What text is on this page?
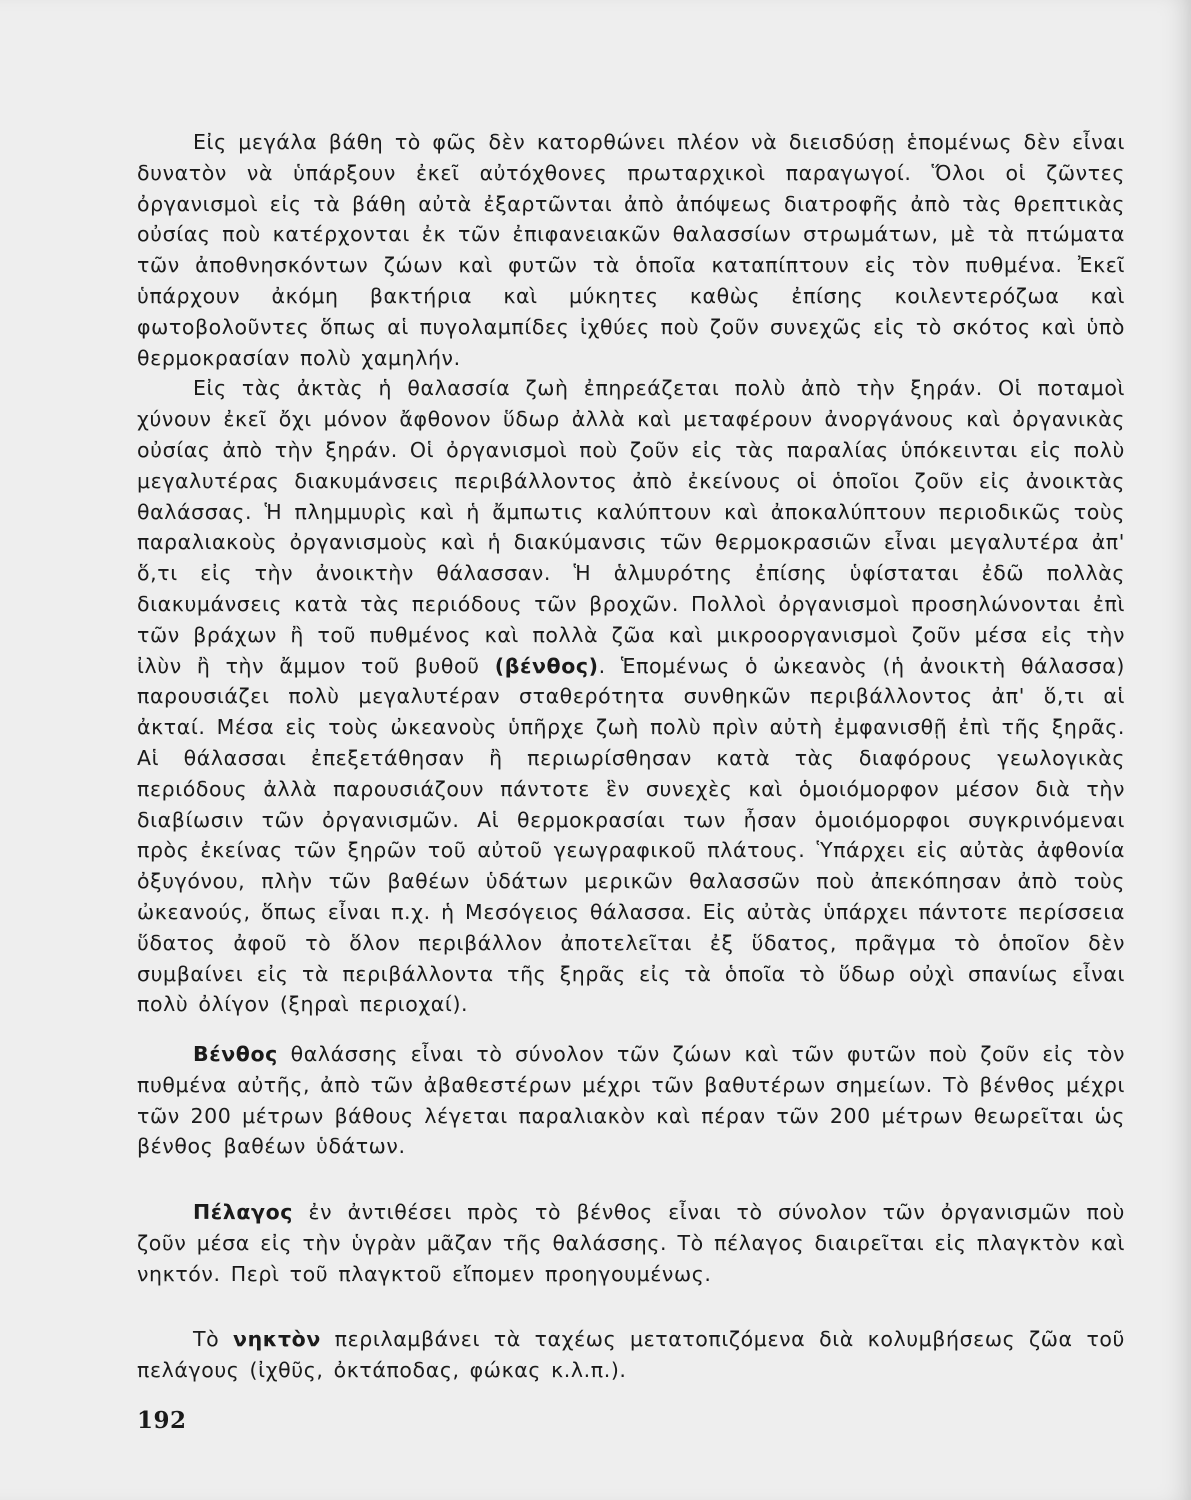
Εἰς μεγάλα βάθη τὸ φῶς δὲν κατορθώνει πλέον νὰ διεισδύσῃ ἑπομένως δὲν εἶναι δυνατὸν νὰ ὑπάρξουν ἐκεῖ αὐτόχθονες πρωταρχικοὶ παραγωγοί. Ὅλοι οἱ ζῶντες ὀργανισμοὶ εἰς τὰ βάθη αὐτὰ ἐξαρτῶνται ἀπὸ ἀπόψεως διατροφῆς ἀπὸ τὰς θρεπτικὰς οὐσίας ποὺ κατέρχονται ἐκ τῶν ἐπιφανειακῶν θαλασσίων στρωμάτων, μὲ τὰ πτώματα τῶν ἀποθνησκόντων ζώων καὶ φυτῶν τὰ ὁποῖα καταπίπτουν εἰς τὸν πυθμένα. Ἐκεῖ ὑπάρχουν ἀκόμη βακτήρια καὶ μύκητες καθὼς ἐπίσης κοιλεντερόζωα καὶ φωτοβολοῦντες ὅπως αἱ πυγολαμπίδες ἰχθύες ποὺ ζοῦν συνεχῶς εἰς τὸ σκότος καὶ ὑπὸ θερμοκρασίαν πολὺ χαμηλήν.

Εἰς τὰς ἀκτὰς ἡ θαλασσία ζωὴ ἐπηρεάζεται πολὺ ἀπὸ τὴν ξηράν. Οἱ ποταμοὶ χύνουν ἐκεῖ ὄχι μόνον ἄφθονον ὕδωρ ἀλλὰ καὶ μεταφέρουν ἀνοργάνους καὶ ὀργανικὰς οὐσίας ἀπὸ τὴν ξηράν. Οἱ ὀργανισμοὶ ποὺ ζοῦν εἰς τὰς παραλίας ὑπόκεινται εἰς πολὺ μεγαλυτέρας διακυμάνσεις περιβάλλοντος ἀπὸ ἐκείνους οἱ ὁποῖοι ζοῦν εἰς ἀνοικτὰς θαλάσσας. Ἡ πλημμυρὶς καὶ ἡ ἄμπωτις καλύπτουν καὶ ἀποκαλύπτουν περιοδικῶς τοὺς παραλιακοὺς ὀργανισμοὺς καὶ ἡ διακύμανσις τῶν θερμοκρασιῶν εἶναι μεγαλυτέρα ἀπ' ὅ,τι εἰς τὴν ἀνοικτὴν θάλασσαν. Ἡ ἁλμυρότης ἐπίσης ὑφίσταται ἐδῶ πολλὰς διακυμάνσεις κατὰ τὰς περιόδους τῶν βροχῶν. Πολλοὶ ὀργανισμοὶ προσηλώνονται ἐπὶ τῶν βράχων ἢ τοῦ πυθμένος καὶ πολλὰ ζῶα καὶ μικροοργανισμοὶ ζοῦν μέσα εἰς τὴν ἰλὺν ἢ τὴν ἄμμον τοῦ βυθοῦ (βένθος). Ἑπομένως ὁ ὠκεανὸς (ἡ ἀνοικτὴ θάλασσα) παρουσιάζει πολὺ μεγαλυτέραν σταθερότητα συνθηκῶν περιβάλλοντος ἀπ' ὅ,τι αἱ ἀκταί. Μέσα εἰς τοὺς ὠκεανοὺς ὑπῆρχε ζωὴ πολὺ πρὶν αὐτὴ ἐμφανισθῇ ἐπὶ τῆς ξηρᾶς. Αἱ θάλασσαι ἐπεξετάθησαν ἢ περιωρίσθησαν κατὰ τὰς διαφόρους γεωλογικὰς περιόδους ἀλλὰ παρουσιάζουν πάντοτε ἓν συνεχὲς καὶ ὁμοιόμορφον μέσον διὰ τὴν διαβίωσιν τῶν ὀργανισμῶν. Αἱ θερμοκρασίαι των ἦσαν ὁμοιόμορφοι συγκρινόμεναι πρὸς ἐκείνας τῶν ξηρῶν τοῦ αὐτοῦ γεωγραφικοῦ πλάτους. Ὑπάρχει εἰς αὐτὰς ἀφθονία ὀξυγόνου, πλὴν τῶν βαθέων ὑδάτων μερικῶν θαλασσῶν ποὺ ἀπεκόπησαν ἀπὸ τοὺς ὠκεανούς, ὅπως εἶναι π.χ. ἡ Μεσόγειος θάλασσα. Εἰς αὐτὰς ὑπάρχει πάντοτε περίσσεια ὕδατος ἀφοῦ τὸ ὅλον περιβάλλον ἀποτελεῖται ἐξ ὕδατος, πρᾶγμα τὸ ὁποῖον δὲν συμβαίνει εἰς τὰ περιβάλλοντα τῆς ξηρᾶς εἰς τὰ ὁποῖα τὸ ὕδωρ οὐχὶ σπανίως εἶναι πολὺ ὀλίγον (ξηραὶ περιοχαί).

Βένθος θαλάσσης εἶναι τὸ σύνολον τῶν ζώων καὶ τῶν φυτῶν ποὺ ζοῦν εἰς τὸν πυθμένα αὐτῆς, ἀπὸ τῶν ἀβαθεστέρων μέχρι τῶν βαθυτέρων σημείων. Τὸ βένθος μέχρι τῶν 200 μέτρων βάθους λέγεται παραλιακὸν καὶ πέραν τῶν 200 μέτρων θεωρεῖται ὡς βένθος βαθέων ὑδάτων.

Πέλαγος ἐν ἀντιθέσει πρὸς τὸ βένθος εἶναι τὸ σύνολον τῶν ὀργανισμῶν ποὺ ζοῦν μέσα εἰς τὴν ὑγρὰν μᾶζαν τῆς θαλάσσης. Τὸ πέλαγος διαιρεῖται εἰς πλαγκτὸν καὶ νηκτόν. Περὶ τοῦ πλαγκτοῦ εἴπομεν προηγουμένως.

Τὸ νηκτὸν περιλαμβάνει τὰ ταχέως μετατοπιζόμενα διὰ κολυμβήσεως ζῶα τοῦ πελάγους (ἰχθῦς, ὀκτάποδας, φώκας κ.λ.π.).

192
